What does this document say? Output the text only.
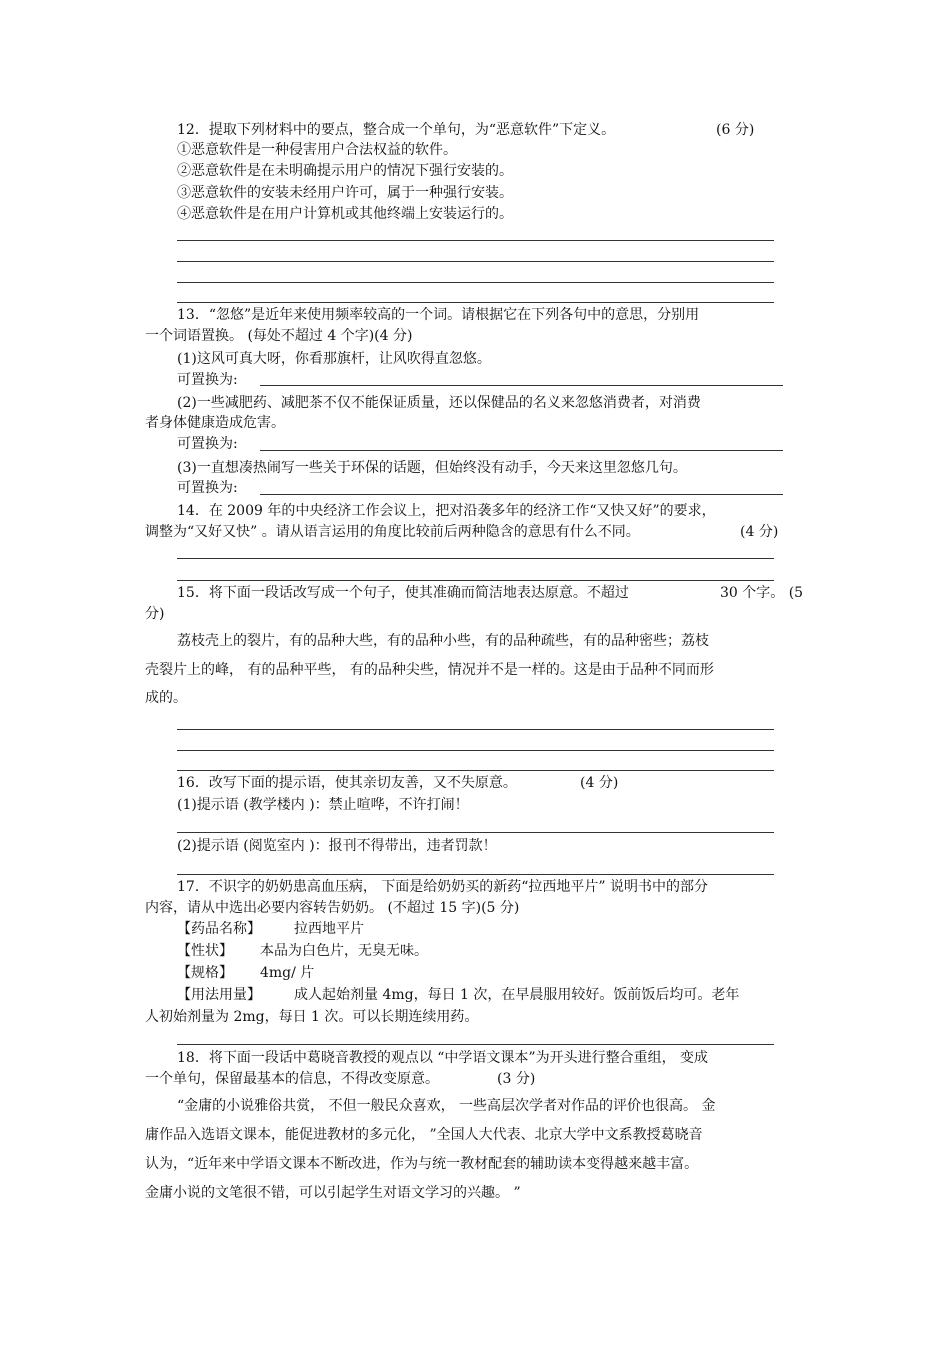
12．提取下列材料中的要点，整合成一个单句，为“恶意软件”下定义。	(6 分)
①恶意软件是一种侵害用户合法权益的软件。
②恶意软件是在未明确提示用户的情况下强行安装的。
③恶意软件的安装未经用户许可，属于一种强行安装。
④恶意软件是在用户计算机或其他终端上安装运行的。
13．“忽悠”是近年来使用频率较高的一个词。请根据它在下列各句中的意思，分别用
一个词语置换。 (每处不超过 4 个字)(4 分)
(1)这风可真大呀，你看那旗杆，让风吹得直忽悠。
可置换为:
(2)一些减肥药、减肥茶不仅不能保证质量，还以保健品的名义来忽悠消费者，对消费
者身体健康造成危害。
可置换为:
(3)一直想凑热闹写一些关于环保的话题，但始终没有动手，今天来这里忽悠几句。
可置换为:
14．在 2009 年的中央经济工作会议上，把对沿袭多年的经济工作“又快又好”的要求，
调整为“又好又快” 。请从语言运用的角度比较前后两种隐含的意思有什么不同。	(4 分)
15．将下面一段话改写成一个句子，使其准确而简洁地表达原意。不超过	30 个字。 (5
分)
荔枝壳上的裂片，有的品种大些，有的品种小些，有的品种疏些，有的品种密些；荔枝
壳裂片上的峰， 有的品种平些， 有的品种尖些，情况并不是一样的。这是由于品种不同而形
成的。
16．改写下面的提示语，使其亲切友善，又不失原意。	(4 分)
(1)提示语 (教学楼内 )：禁止喧哗，不许打闹！
(2)提示语 (阅览室内 )：报刊不得带出，违者罚款！
17．不识字的奶奶患高血压病， 下面是给奶奶买的新药“拉西地平片” 说明书中的部分
内容，请从中选出必要内容转告奶奶。 (不超过 15 字)(5 分)
【药品名称】 拉西地平片
【性状】 本品为白色片，无臭无味。
【规格】 4mg/ 片
【用法用量】 成人起始剂量 4mg，每日 1 次，在早晨服用较好。饭前饭后均可。老年
人初始剂量为 2mg，每日 1 次。可以长期连续用药。
18．将下面一段话中葛晓音教授的观点以 “中学语文课本”为开头进行整合重组， 变成
一个单句，保留最基本的信息，不得改变原意。	(3 分)
“金庸的小说雅俗共赏， 不但一般民众喜欢， 一些高层次学者对作品的评价也很高。 金
庸作品入选语文课本，能促进教材的多元化， ”全国人大代表、北京大学中文系教授葛晓音
认为，“近年来中学语文课本不断改进，作为与统一教材配套的辅助读本变得越来越丰富。
金庸小说的文笔很不错，可以引起学生对语文学习的兴趣。 ”
